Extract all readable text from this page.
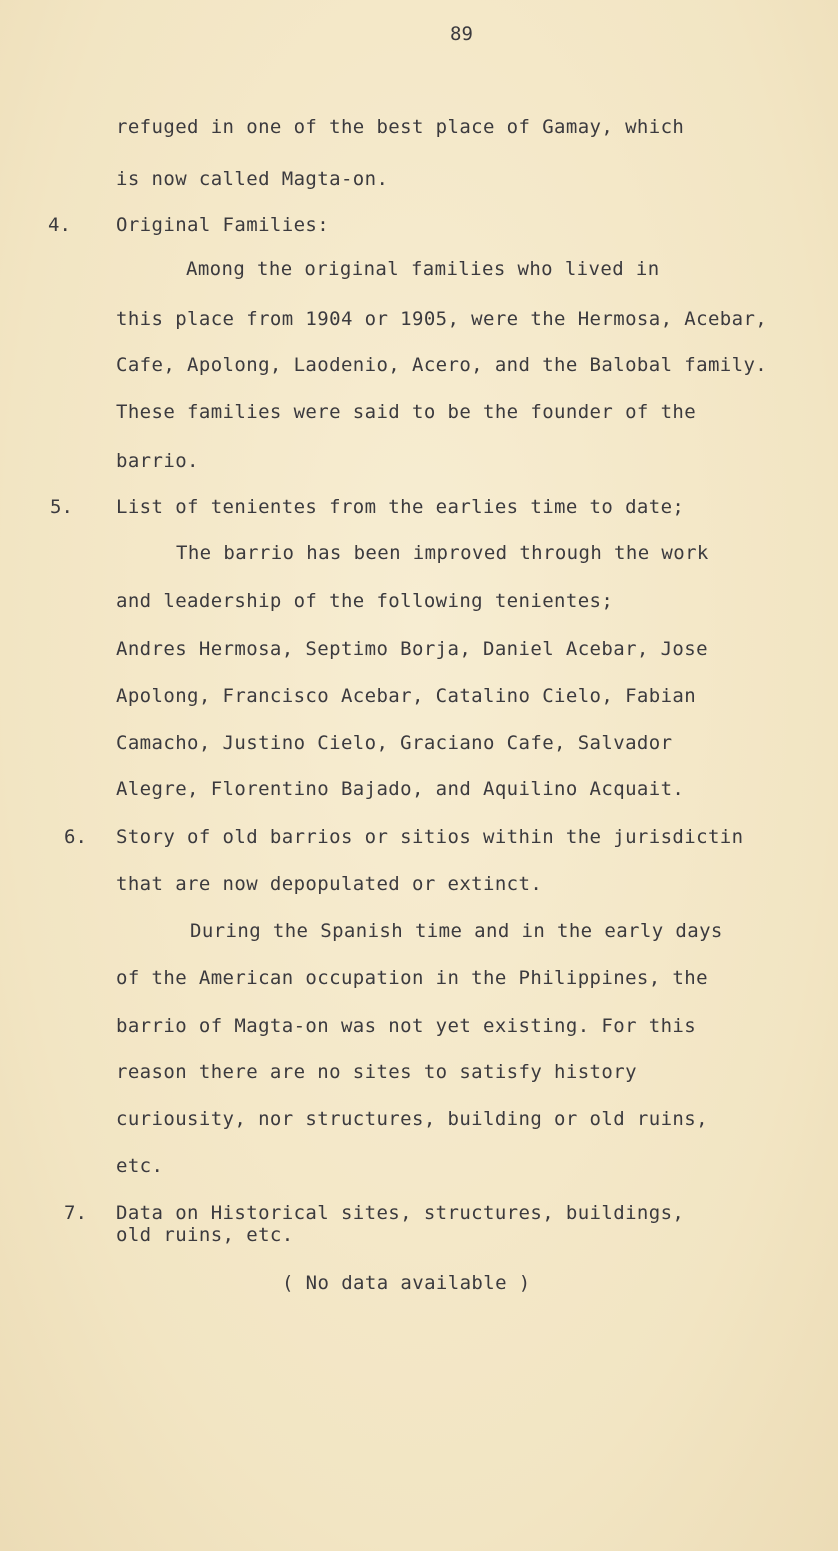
89
refuged in one of the best place of Gamay, which
is now called Magta-on.
4. Original Families:
Among the original families who lived in
this place from 1904 or 1905, were the Hermosa, Acebar,
Cafe, Apolong, Laodenio, Acero, and the Balobal family.
These families were said to be the founder of the
barrio.
5. List of tenientes from the earlies time to date;
The barrio has been improved through the work
and leadership of the following tenientes;
Andres Hermosa, Septimo Borja, Daniel Acebar, Jose
Apolong, Francisco Acebar, Catalino Cielo, Fabian
Camacho, Justino Cielo, Graciano Cafe, Salvador
Alegre, Florentino Bajado, and Aquilino Acquait.
6. Story of old barrios or sitios within the jurisdictin
that are now depopulated or extinct.
During the Spanish time and in the early days
of the American occupation in the Philippines, the
barrio of Magta-on was not yet existing. For this
reason there are no sites to satisfy history
curiousity, nor structures, building or old ruins,
etc.
7. Data on Historical sites, structures, buildings,
old ruins, etc.
( No data available )
